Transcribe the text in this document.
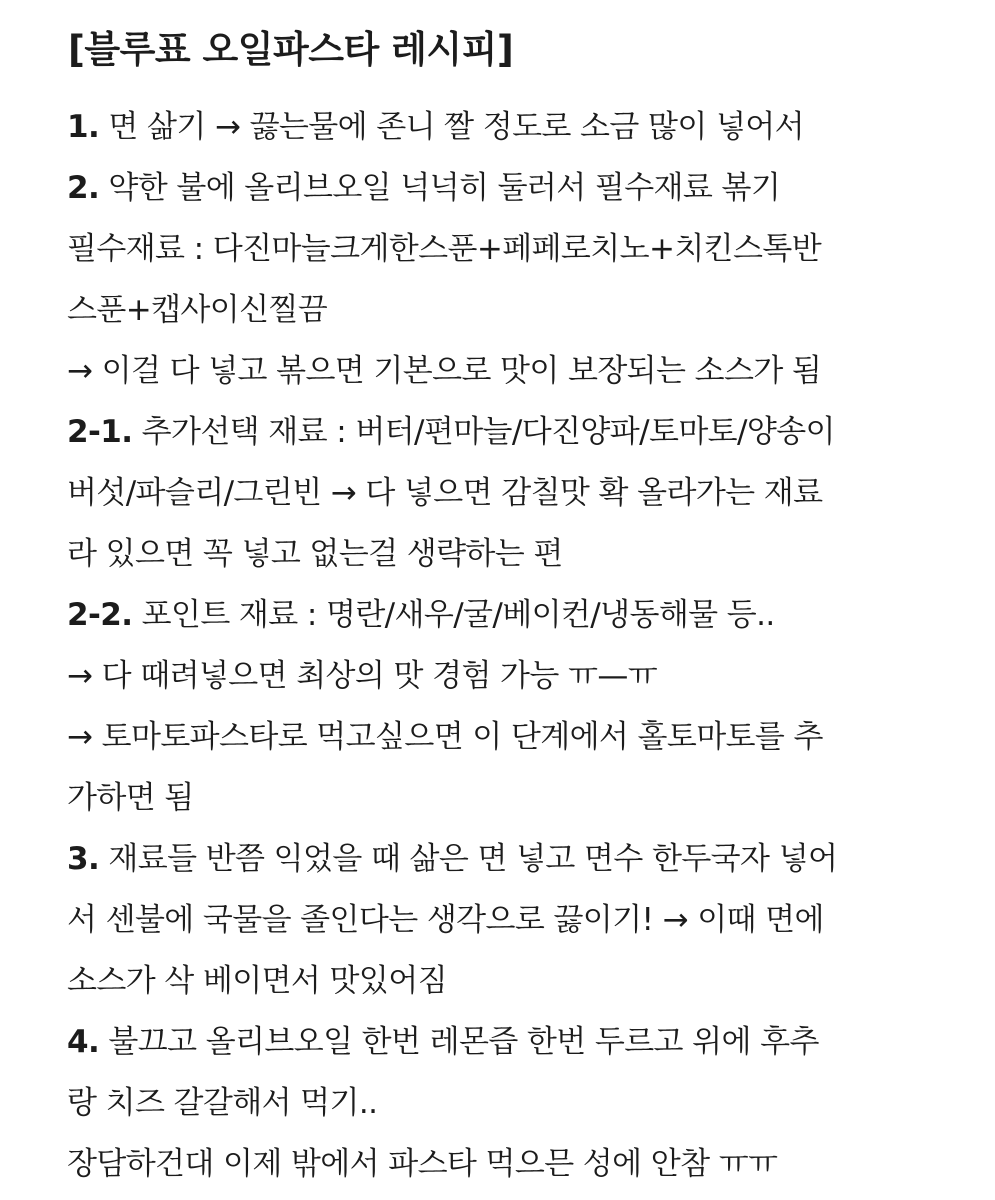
[블루표 오일파스타 레시피]

1. 면 삶기 → 끓는물에 존니 짤 정도로 소금 많이 넣어서

2. 약한 불에 올리브오일 넉넉히 둘러서 필수재료 볶기

필수재료 : 다진마늘크게한스푼+페페로치노+치킨스톡반

스푼+캡사이신찔끔

→ 이걸 다 넣고 볶으면 기본으로 맛이 보장되는 소스가 됨

2-1. 추가선택 재료 : 버터/편마늘/다진양파/토마토/양송이

버섯/파슬리/그린빈 → 다 넣으면 감칠맛 확 올라가는 재료

라 있으면 꼭 넣고 없는걸 생략하는 편

2-2. 포인트 재료 : 명란/새우/굴/베이컨/냉동해물 등..

→ 다 때려넣으면 최상의 맛 경험 가능 ㅠ—ㅠ

→ 토마토파스타로 먹고싶으면 이 단계에서 홀토마토를 추

가하면 됨

3. 재료들 반쯤 익었을 때 삶은 면 넣고 면수 한두국자 넣어

서 센불에 국물을 졸인다는 생각으로 끓이기! → 이때 면에

소스가 삭 베이면서 맛있어짐

4. 불끄고 올리브오일 한번 레몬즙 한번 두르고 위에 후추

랑 치즈 갈갈해서 먹기..

장담하건대 이제 밖에서 파스타 먹으믄 성에 안참 ㅠㅠ
